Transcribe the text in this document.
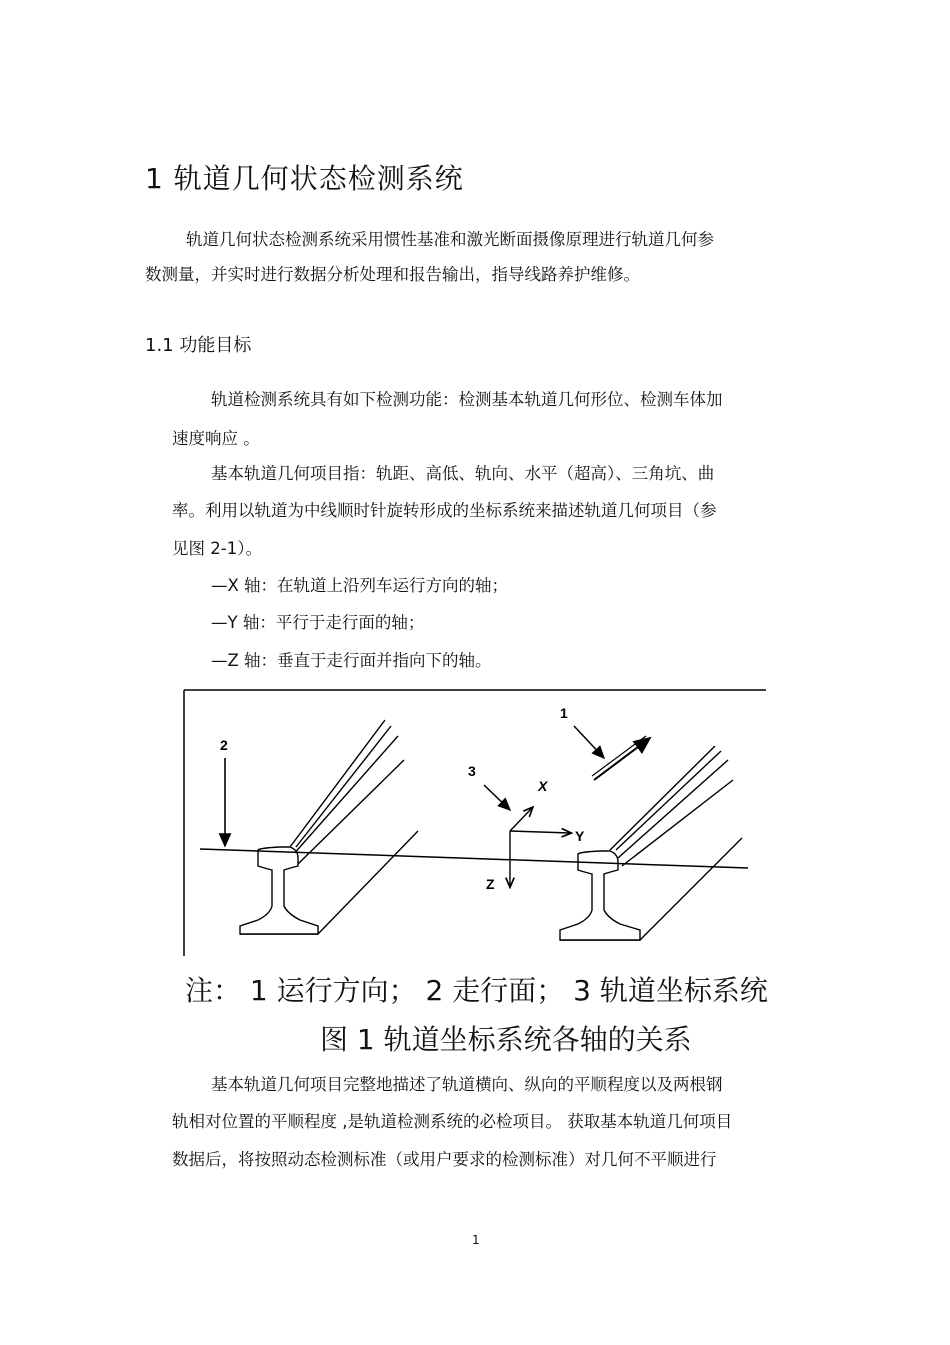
1 轨道几何状态检测系统
轨道几何状态检测系统采用惯性基准和激光断面摄像原理进行轨道几何参
数测量，并实时进行数据分析处理和报告输出，指导线路养护维修。
1.1 功能目标
轨道检测系统具有如下检测功能：检测基本轨道几何形位、检测车体加
速度响应 。
基本轨道几何项目指：轨距、高低、轨向、水平（超高）、三角坑、曲
率。利用以轨道为中线顺时针旋转形成的坐标系统来描述轨道几何项目（参
见图 2-1）。
—X 轴：在轨道上沿列车运行方向的轴；
—Y 轴：平行于走行面的轴；
—Z 轴：垂直于走行面并指向下的轴。
2
1
3
X
Y
Z
注： 1 运行方向； 2 走行面； 3 轨道坐标系统
图 1 轨道坐标系统各轴的关系
基本轨道几何项目完整地描述了轨道横向、纵向的平顺程度以及两根钢
轨相对位置的平顺程度 ,是轨道检测系统的必检项目。 获取基本轨道几何项目
数据后，将按照动态检测标准（或用户要求的检测标准）对几何不平顺进行
1
